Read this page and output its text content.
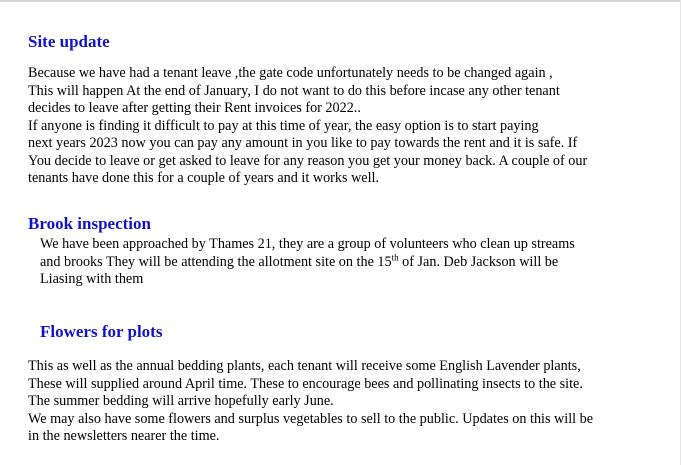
Site update
Because we have had a tenant leave ,the gate code unfortunately needs to be changed again ,
This will happen At the end of January, I do not want to do this before incase any other tenant
decides to leave after getting their Rent invoices for 2022..
If anyone is finding it difficult to pay at this time of year, the easy option is to start paying
next years 2023 now you can pay any amount in you like to pay towards the rent and it is safe. If
You decide to leave or get asked to leave for any reason you get your money back. A couple of our
tenants have done this for a couple of years and it works well.
Brook inspection
We have been approached by Thames 21, they are a group of volunteers who clean up streams
and brooks They will be attending the allotment site on the 15th of Jan. Deb Jackson will be
Liasing with them
Flowers for plots
This as well as the annual bedding plants, each tenant will receive some English Lavender plants,
These will supplied around April time. These to encourage bees and pollinating insects to the site.
The summer bedding will arrive hopefully early June.
We may also have some flowers and surplus vegetables to sell to the public. Updates on this will be
in the newsletters nearer the time.
